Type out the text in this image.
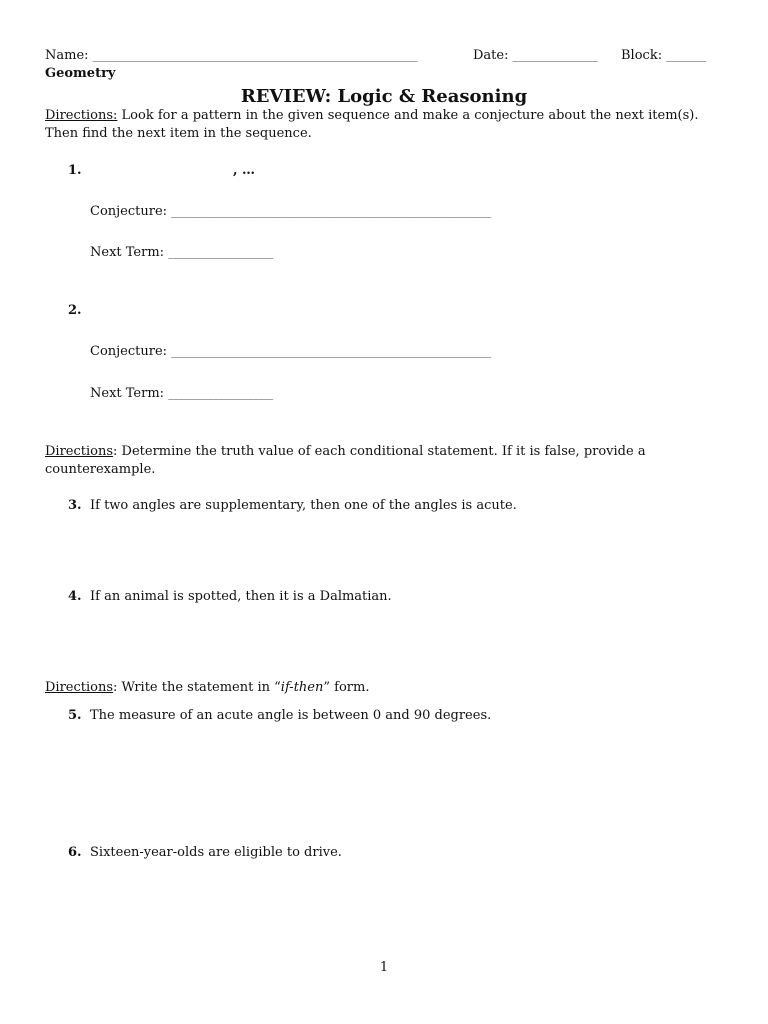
Name: _________________________________________________________________	Date: _________________ Block: ________
Geometry
REVIEW: Logic & Reasoning
Directions: Look for a pattern in the given sequence and make a conjecture about the next item(s). Then find the next item in the sequence.
1.	, …
Conjecture: ________________________________________________________________
Next Term: _____________________
2.
Conjecture: ________________________________________________________________
Next Term: _____________________
Directions: Determine the truth value of each conditional statement. If it is false, provide a counterexample.
3. If two angles are supplementary, then one of the angles is acute.
4. If an animal is spotted, then it is a Dalmatian.
Directions: Write the statement in “if-then” form.
5. The measure of an acute angle is between 0 and 90 degrees.
6. Sixteen-year-olds are eligible to drive.
1
